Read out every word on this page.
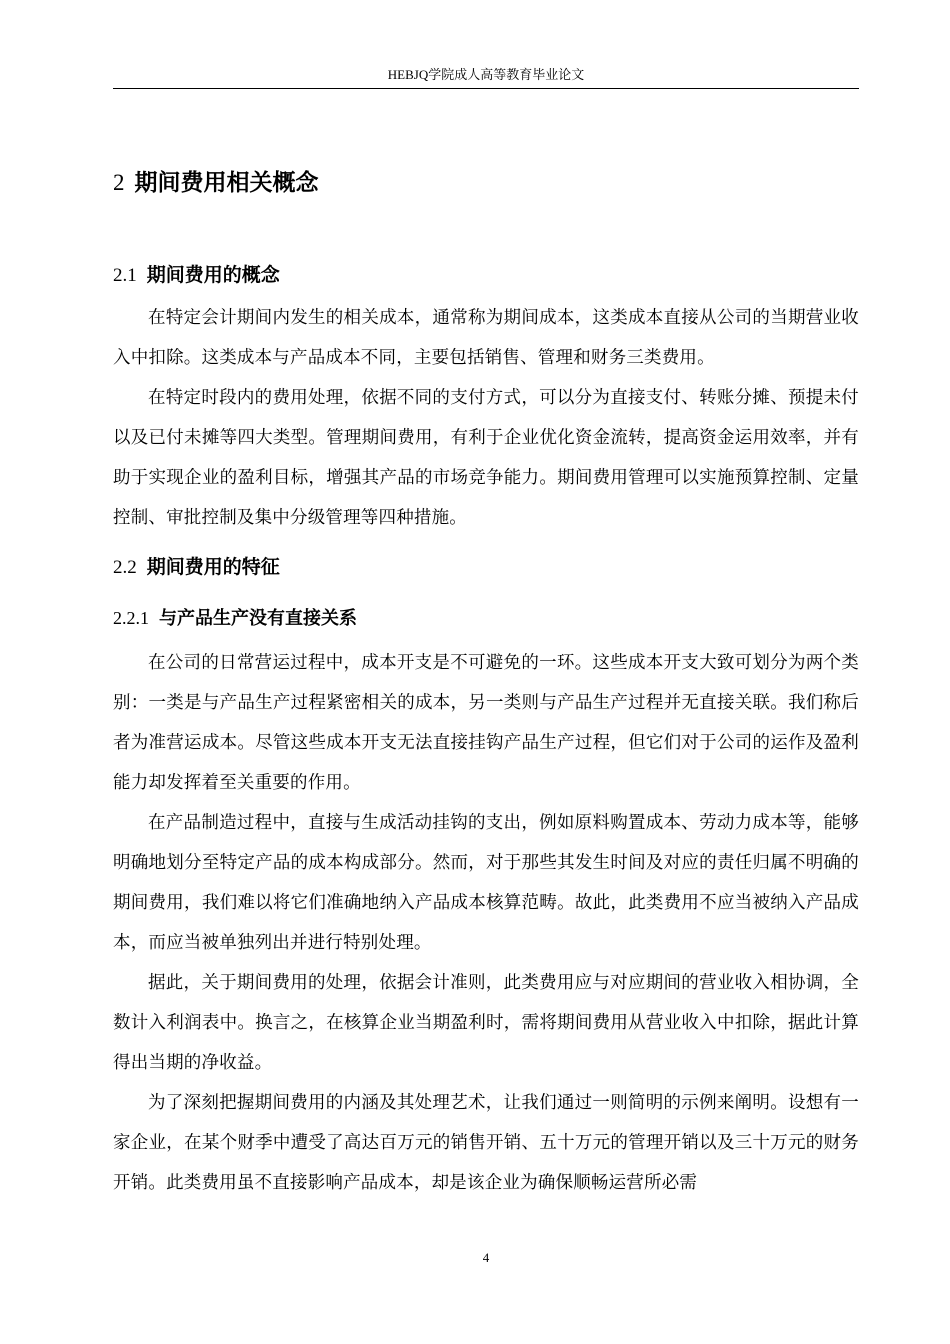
HEBJQ学院成人高等教育毕业论文
2 期间费用相关概念
2.1 期间费用的概念

在特定会计期间内发生的相关成本，通常称为期间成本，这类成本直接从公司的当期营业收入中扣除。这类成本与产品成本不同，主要包括销售、管理和财务三类费用。

在特定时段内的费用处理，依据不同的支付方式，可以分为直接支付、转账分摊、预提未付以及已付未摊等四大类型。管理期间费用，有利于企业优化资金流转，提高资金运用效率，并有助于实现企业的盈利目标，增强其产品的市场竞争能力。期间费用管理可以实施预算控制、定量控制、审批控制及集中分级管理等四种措施。

2.2 期间费用的特征
2.2.1 与产品生产没有直接关系

在公司的日常营运过程中，成本开支是不可避免的一环。这些成本开支大致可划分为两个类别：一类是与产品生产过程紧密相关的成本，另一类则与产品生产过程并无直接关联。我们称后者为准营运成本。尽管这些成本开支无法直接挂钩产品生产过程，但它们对于公司的运作及盈利能力却发挥着至关重要的作用。

在产品制造过程中，直接与生成活动挂钩的支出，例如原料购置成本、劳动力成本等，能够明确地划分至特定产品的成本构成部分。然而，对于那些其发生时间及对应的责任归属不明确的期间费用，我们难以将它们准确地纳入产品成本核算范畴。故此，此类费用不应当被纳入产品成本，而应当被单独列出并进行特别处理。

据此，关于期间费用的处理，依据会计准则，此类费用应与对应期间的营业收入相协调，全数计入利润表中。换言之，在核算企业当期盈利时，需将期间费用从营业收入中扣除，据此计算得出当期的净收益。

为了深刻把握期间费用的内涵及其处理艺术，让我们通过一则简明的示例来阐明。设想有一家企业，在某个财季中遭受了高达百万元的销售开销、五十万元的管理开销以及三十万元的财务开销。此类费用虽不直接影响产品成本，却是该企业为确保顺畅运营所必需

4
